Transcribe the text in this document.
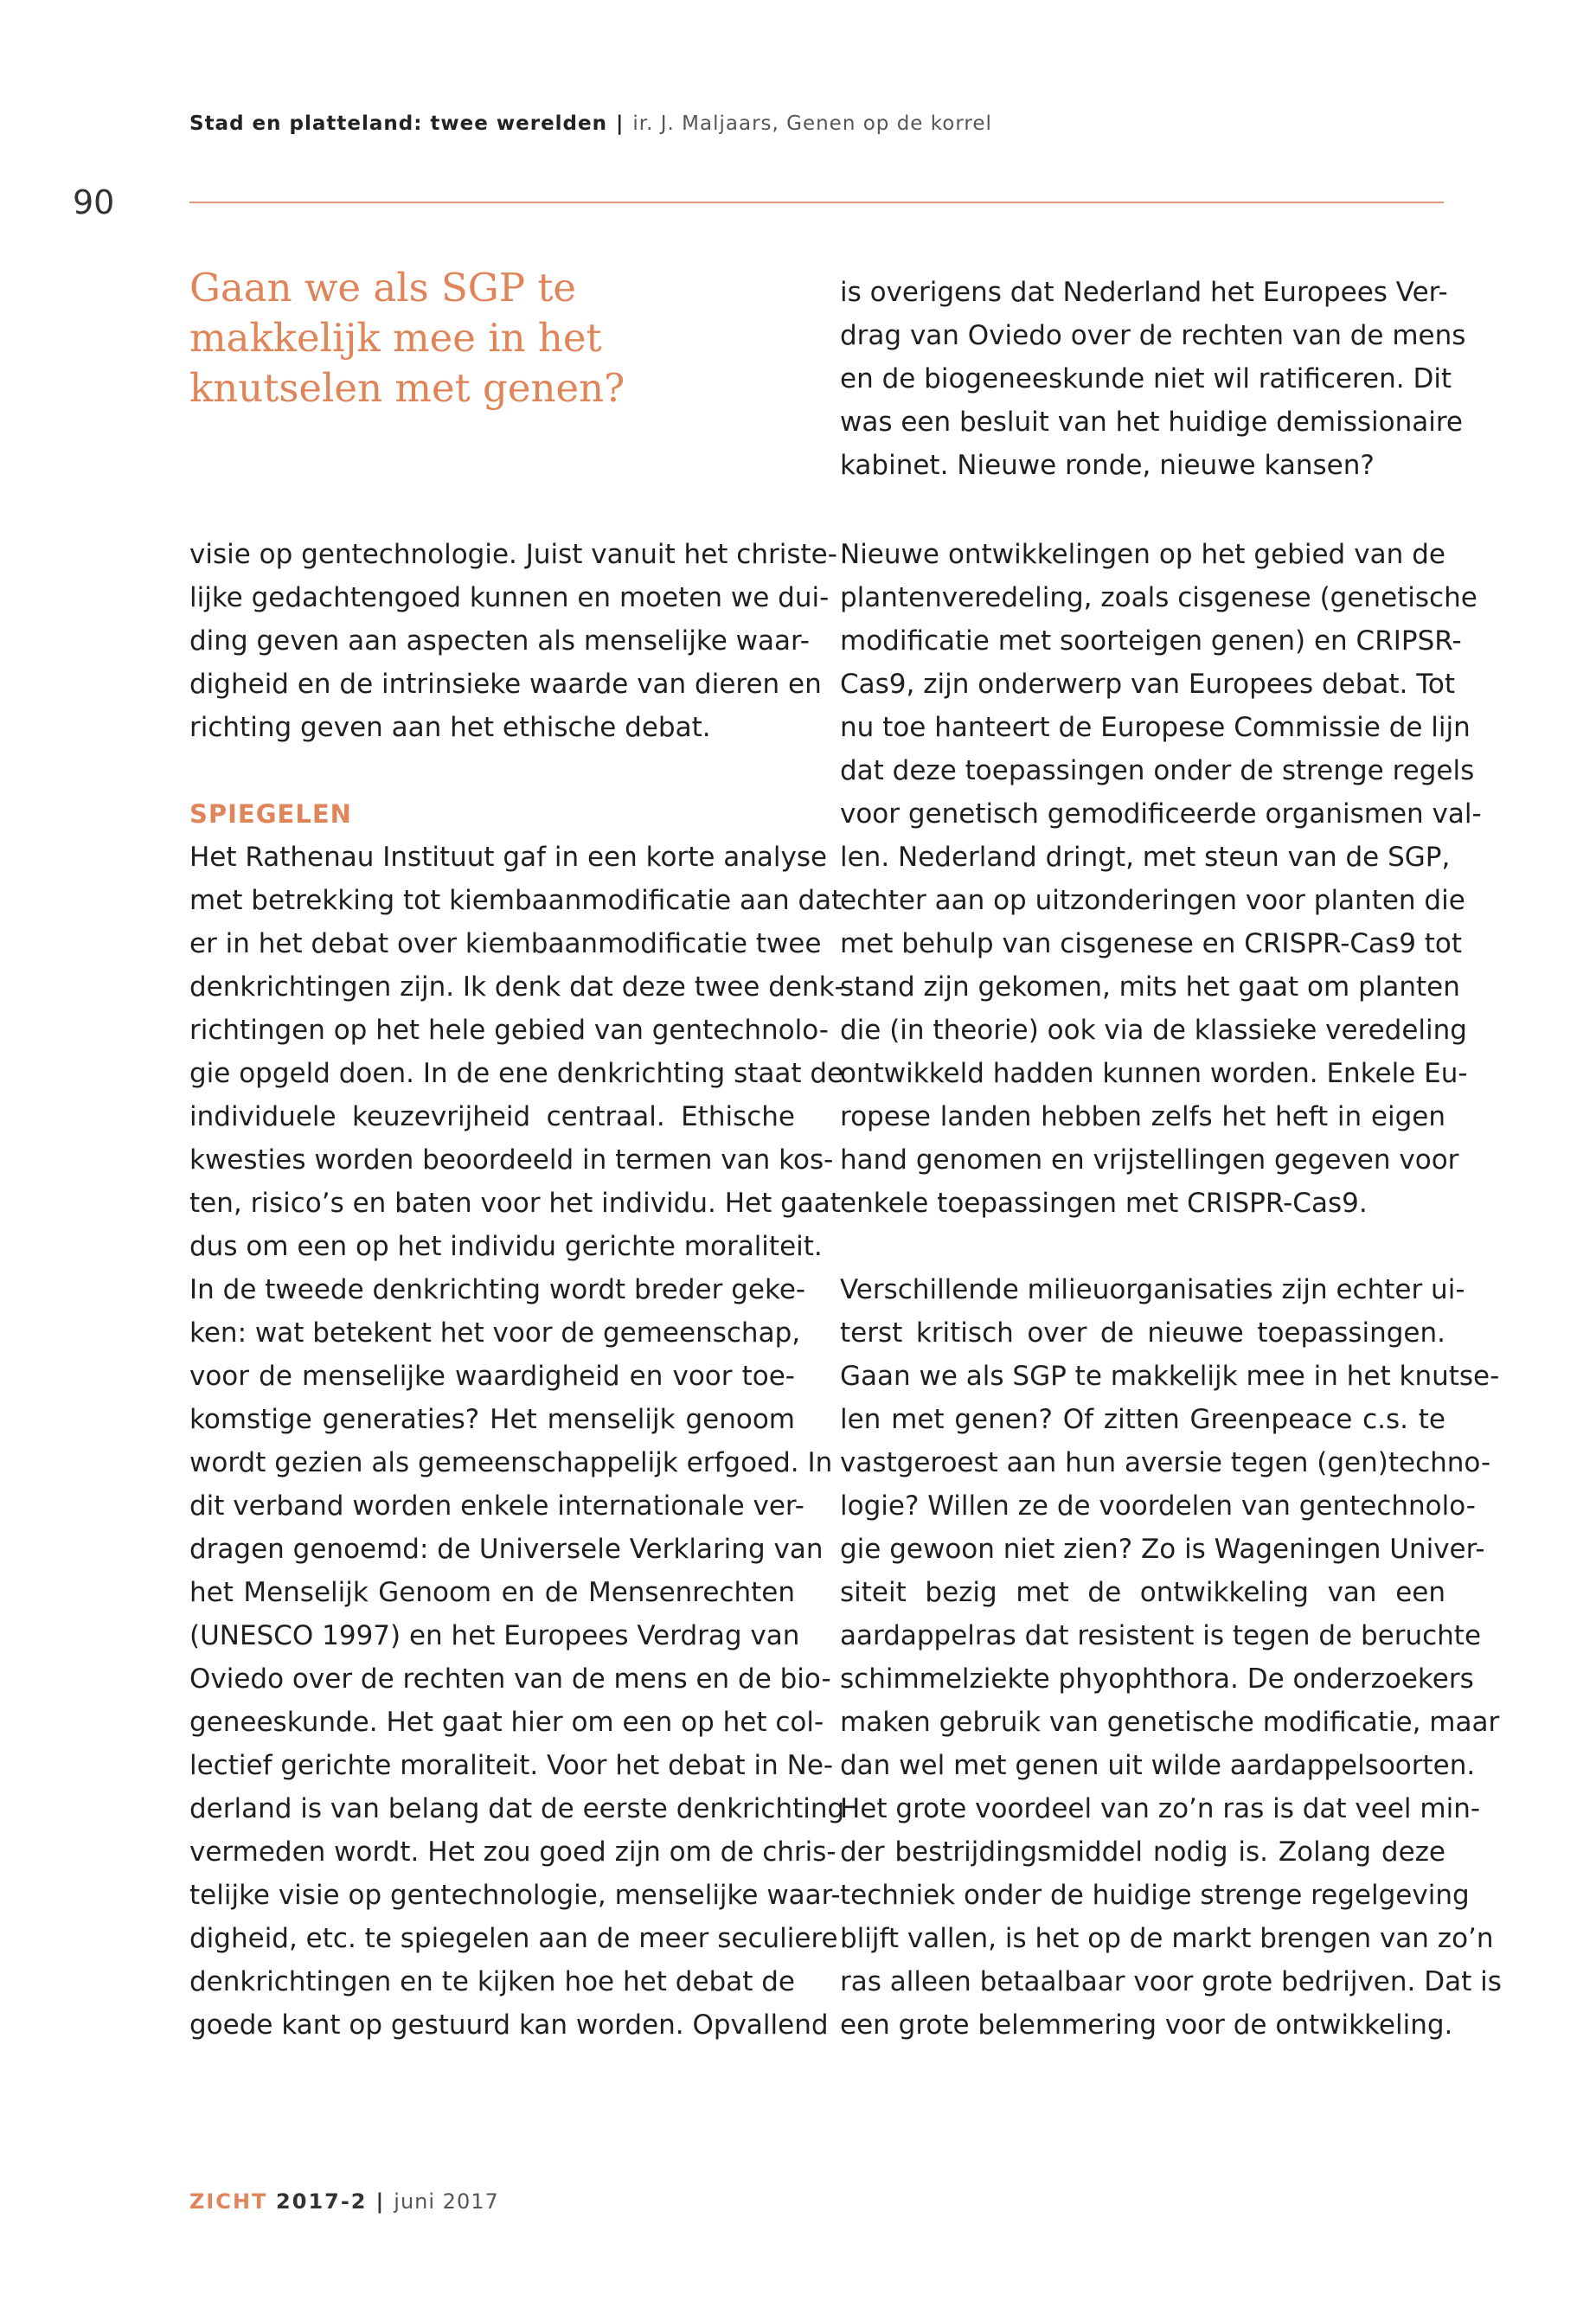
Stad en platteland: twee werelden | ir. J. Maljaars, Genen op de korrel
90
Gaan we als SGP te makkelijk mee in het knutselen met genen?
is overigens dat Nederland het Europees Ver-
drag van Oviedo over de rechten van de mens
en de biogeneeskunde niet wil ratificeren. Dit
was een besluit van het huidige demissionaire
kabinet. Nieuwe ronde, nieuwe kansen?
visie op gentechnologie. Juist vanuit het christe-
lijke gedachtengoed kunnen en moeten we dui-
ding geven aan aspecten als menselijke waar-
digheid en de intrinsieke waarde van dieren en
richting geven aan het ethische debat.
SPIEGELEN
Het Rathenau Instituut gaf in een korte analyse
met betrekking tot kiembaanmodificatie aan dat
er in het debat over kiembaanmodificatie twee
denkrichtingen zijn. Ik denk dat deze twee denk-
richtingen op het hele gebied van gentechnolo-
gie opgeld doen. In de ene denkrichting staat de
individuele keuzevrijheid centraal. Ethische
kwesties worden beoordeeld in termen van kos-
ten, risico’s en baten voor het individu. Het gaat
dus om een op het individu gerichte moraliteit.
In de tweede denkrichting wordt breder geke-
ken: wat betekent het voor de gemeenschap,
voor de menselijke waardigheid en voor toe-
komstige generaties? Het menselijk genoom
wordt gezien als gemeenschappelijk erfgoed. In
dit verband worden enkele internationale ver-
dragen genoemd: de Universele Verklaring van
het Menselijk Genoom en de Mensenrechten
(UNESCO 1997) en het Europees Verdrag van
Oviedo over de rechten van de mens en de bio-
geneeskunde. Het gaat hier om een op het col-
lectief gerichte moraliteit. Voor het debat in Ne-
derland is van belang dat de eerste denkrichting
vermeden wordt. Het zou goed zijn om de chris-
telijke visie op gentechnologie, menselijke waar-
digheid, etc. te spiegelen aan de meer seculiere
denkrichtingen en te kijken hoe het debat de
goede kant op gestuurd kan worden. Opvallend
Nieuwe ontwikkelingen op het gebied van de
plantenveredeling, zoals cisgenese (genetische
modificatie met soorteigen genen) en CRIPSR-
Cas9, zijn onderwerp van Europees debat. Tot
nu toe hanteert de Europese Commissie de lijn
dat deze toepassingen onder de strenge regels
voor genetisch gemodificeerde organismen val-
len. Nederland dringt, met steun van de SGP,
echter aan op uitzonderingen voor planten die
met behulp van cisgenese en CRISPR-Cas9 tot
stand zijn gekomen, mits het gaat om planten
die (in theorie) ook via de klassieke veredeling
ontwikkeld hadden kunnen worden. Enkele Eu-
ropese landen hebben zelfs het heft in eigen
hand genomen en vrijstellingen gegeven voor
enkele toepassingen met CRISPR-Cas9.
Verschillende milieuorganisaties zijn echter ui-
terst kritisch over de nieuwe toepassingen.
Gaan we als SGP te makkelijk mee in het knutse-
len met genen? Of zitten Greenpeace c.s. te
vastgeroest aan hun aversie tegen (gen)techno-
logie? Willen ze de voordelen van gentechnolo-
gie gewoon niet zien? Zo is Wageningen Univer-
siteit bezig met de ontwikkeling van een
aardappelras dat resistent is tegen de beruchte
schimmelziekte phyophthora. De onderzoekers
maken gebruik van genetische modificatie, maar
dan wel met genen uit wilde aardappelsoorten.
Het grote voordeel van zo’n ras is dat veel min-
der bestrijdingsmiddel nodig is. Zolang deze
techniek onder de huidige strenge regelgeving
blijft vallen, is het op de markt brengen van zo’n
ras alleen betaalbaar voor grote bedrijven. Dat is
een grote belemmering voor de ontwikkeling.
ZICHT 2017-2 | juni 2017
